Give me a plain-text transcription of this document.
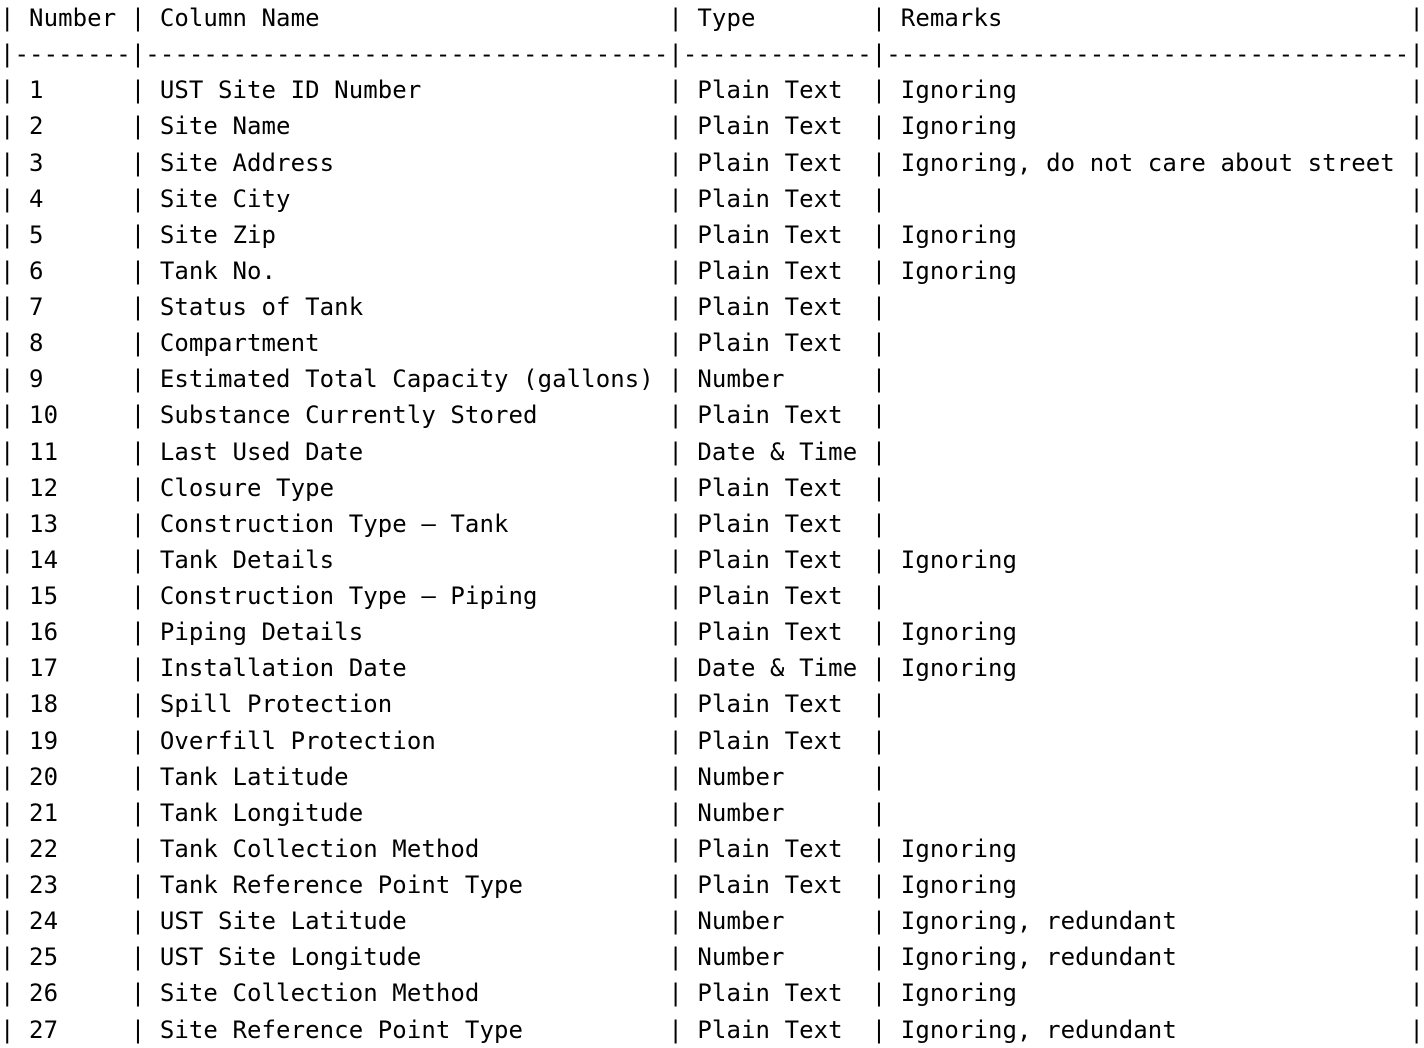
| Number | Column Name                        | Type        | Remarks                            |
|--------|------------------------------------|-------------|------------------------------------|
| 1      | UST Site ID Number                 | Plain Text  | Ignoring                           |
| 2      | Site Name                          | Plain Text  | Ignoring                           |
| 3      | Site Address                       | Plain Text  | Ignoring, do not care about street |
| 4      | Site City                          | Plain Text  |                                    |
| 5      | Site Zip                           | Plain Text  | Ignoring                           |
| 6      | Tank No.                           | Plain Text  | Ignoring                           |
| 7      | Status of Tank                     | Plain Text  |                                    |
| 8      | Compartment                        | Plain Text  |                                    |
| 9      | Estimated Total Capacity (gallons) | Number      |                                    |
| 10     | Substance Currently Stored         | Plain Text  |                                    |
| 11     | Last Used Date                     | Date & Time |                                    |
| 12     | Closure Type                       | Plain Text  |                                    |
| 13     | Construction Type — Tank           | Plain Text  |                                    |
| 14     | Tank Details                       | Plain Text  | Ignoring                           |
| 15     | Construction Type — Piping         | Plain Text  |                                    |
| 16     | Piping Details                     | Plain Text  | Ignoring                           |
| 17     | Installation Date                  | Date & Time | Ignoring                           |
| 18     | Spill Protection                   | Plain Text  |                                    |
| 19     | Overfill Protection                | Plain Text  |                                    |
| 20     | Tank Latitude                      | Number      |                                    |
| 21     | Tank Longitude                     | Number      |                                    |
| 22     | Tank Collection Method             | Plain Text  | Ignoring                           |
| 23     | Tank Reference Point Type          | Plain Text  | Ignoring                           |
| 24     | UST Site Latitude                  | Number      | Ignoring, redundant                |
| 25     | UST Site Longitude                 | Number      | Ignoring, redundant                |
| 26     | Site Collection Method             | Plain Text  | Ignoring                           |
| 27     | Site Reference Point Type          | Plain Text  | Ignoring, redundant                |
